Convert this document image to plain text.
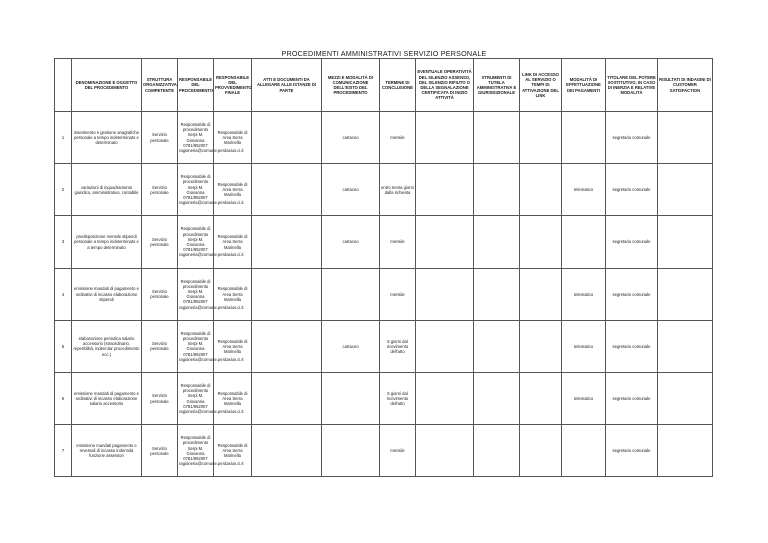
PROCEDIMENTI AMMINISTRATIVI SERVIZIO PERSONALE
	DENOMINAZIONE E OGGETTO DEL PROCEDIMENTO	STRUTTURA ORGANIZZATIVA COMPETENTE	RESPONSABILE DEL PROCEDIMENTO	RESPONSABILE DEL PROVVEDIMENTO FINALE	ATTI E DOCUMENTI DA ALLEGARE ALLE ISTANZE DI PARTE	MEZZI E MODALITÀ DI COMUNICAZIONE DELL'ESITO DEL PROCEDIMENTO	TERMINE DI CONCLUSIONE	EVENTUALE OPERATIVITÀ DEL SILENZIO ASSENSO, DEL SILENZIO RIFIUTO O DELLA SEGNALAZIONE CERTIFICATA DI INIZIO ATTIVITÀ	STRUMENTI DI TUTELA AMMINISTRATIVA E GIURISDIZIONALE	LINK DI ACCESSO AL SERVIZIO O TEMPI DI ATTIVAZIONE DEL LINK	MODALITÀ DI EFFETTUAZIONE DEI PAGAMENTI	TITOLARE DEL POTERE SOSTITUTIVO, IN CASO DI INERZIA E RELATIVE MODALITÀ	RISULTATI DI INDAGINI DI CUSTOMER SATISFACTION
1	inserimento e gestione anagrafiche personale a tempo indeterminato e determinato	Servizio personale	Responsabile di procedimento Serpi M. Giovanna 0781/952007 ragioneria@comune.perdaxius.ci.it	Responsabile di Area Serra Marinella		cartaceo	mensile					segretario comunale	
2	variazioni di inquadramento giuridico, amministrativo, contabile	Servizio personale	Responsabile di procedimento Serpi M. Giovanna 0781/952007 ragioneria@comune.perdaxius.ci.it	Responsabile di Area Serra Marinella		cartaceo	entro trenta giorni dalla richiesta				telematico	segretario comunale	
3	predisposizione mensile stipendi personale a tempo indeterminato e a tempo determinato	Servizio personale	Responsabile di procedimento Serpi M. Giovanna 0781/952007 ragioneria@comune.perdaxius.ci.it	Responsabile di Area Serra Marinella		cartaceo	mensile					segretario comunale	
4	emissione mandati di pagamento e ordinativi di incasso elaborazione stipendi	Servizio personale	Responsabile di procedimento Serpi M. Giovanna 0781/952007 ragioneria@comune.perdaxius.ci.it	Responsabile di Area Serra Marinella			mensile				telematico	segretario comunale	
5	elaborazione periodica salario accessorio (straordinario, reperibilità, indennita' procedimento ecc.)	Servizio personale	Responsabile di procedimento Serpi M. Giovanna 0781/952007 ragioneria@comune.perdaxius.ci.it	Responsabile di Area Serra Marinella		cartaceo	5 giorni dal ricevimento dell'atto				telematico	segretario comunale	
6	emissione mandati di pagamento e ordinativi di incasso elaborazione salario accessorio	Servizio personale	Responsabile di procedimento Serpi M. Giovanna 0781/952007 ragioneria@comune.perdaxius.ci.it	Responsabile di Area Serra Marinella			5 giorni dal ricevimento dell'atto				telematico	segretario comunale	
7	emissione mandati pagamento e reversali di incasso indennità funzione assessori	Servizio personale	Responsabile di procedimento Serpi M. Giovanna 0781/952007 ragioneria@comune.perdaxius.ci.it	Responsabile di Area Serra Marinella			mensile					segretario comunale	
